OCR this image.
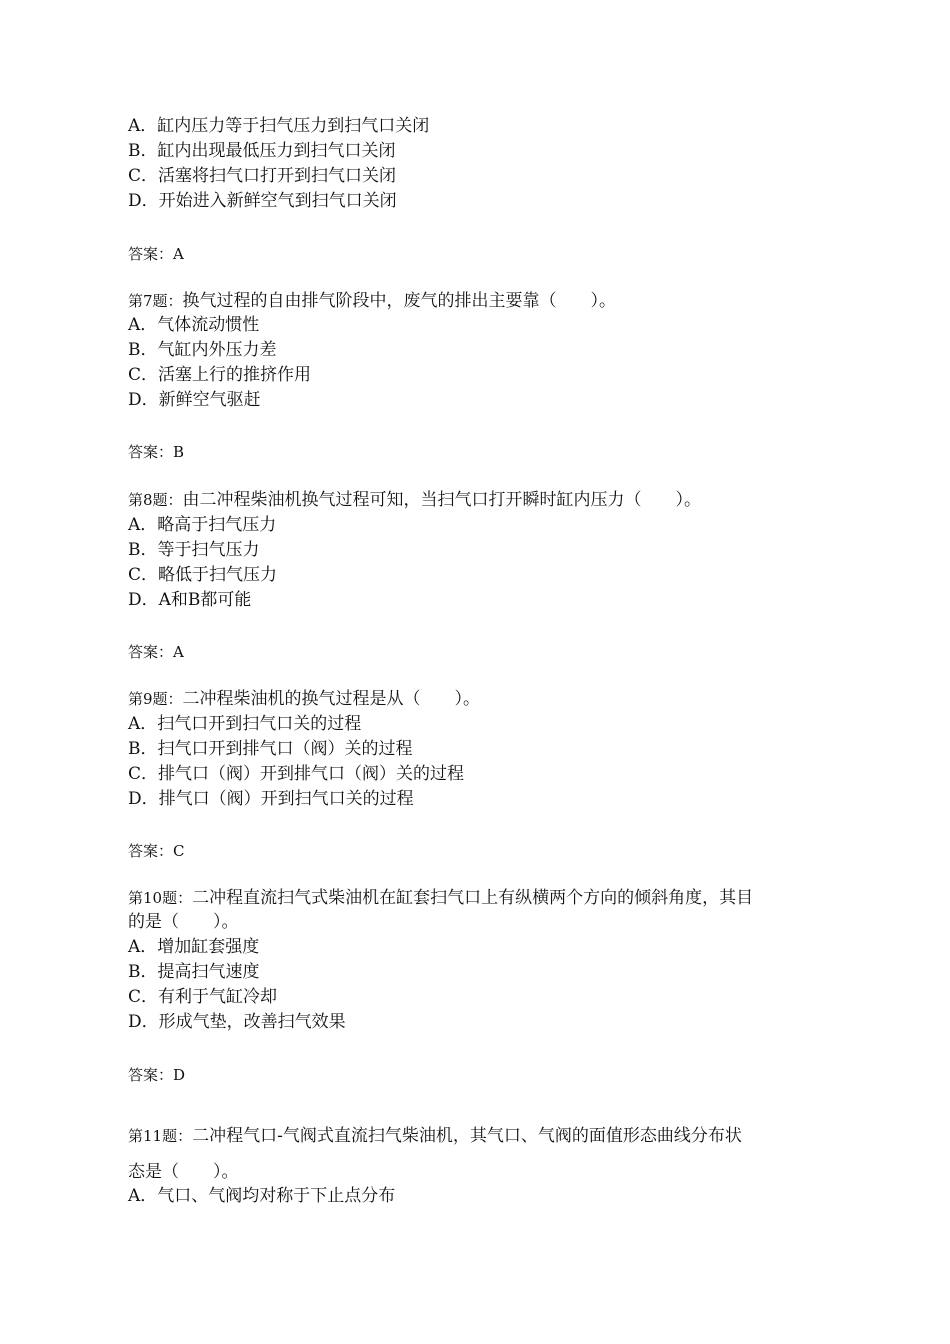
A．缸内压力等于扫气压力到扫气口关闭
B．缸内出现最低压力到扫气口关闭
C．活塞将扫气口打开到扫气口关闭
D．开始进入新鲜空气到扫气口关闭
答案：A
第7题：换气过程的自由排气阶段中，废气的排出主要靠（　　）。
A．气体流动惯性
B．气缸内外压力差
C．活塞上行的推挤作用
D．新鲜空气驱赶
答案：B
第8题：由二冲程柴油机换气过程可知，当扫气口打开瞬时缸内压力（　　）。
A．略高于扫气压力
B．等于扫气压力
C．略低于扫气压力
D．A和B都可能
答案：A
第9题：二冲程柴油机的换气过程是从（　　）。
A．扫气口开到扫气口关的过程
B．扫气口开到排气口（阀）关的过程
C．排气口（阀）开到排气口（阀）关的过程
D．排气口（阀）开到扫气口关的过程
答案：C
第10题：二冲程直流扫气式柴油机在缸套扫气口上有纵横两个方向的倾斜角度，其目
的是（　　）。
A．增加缸套强度
B．提高扫气速度
C．有利于气缸冷却
D．形成气垫，改善扫气效果
答案：D
第11题：二冲程气口-气阀式直流扫气柴油机，其气口、气阀的面值形态曲线分布状
态是（　　）。
A．气口、气阀均对称于下止点分布
